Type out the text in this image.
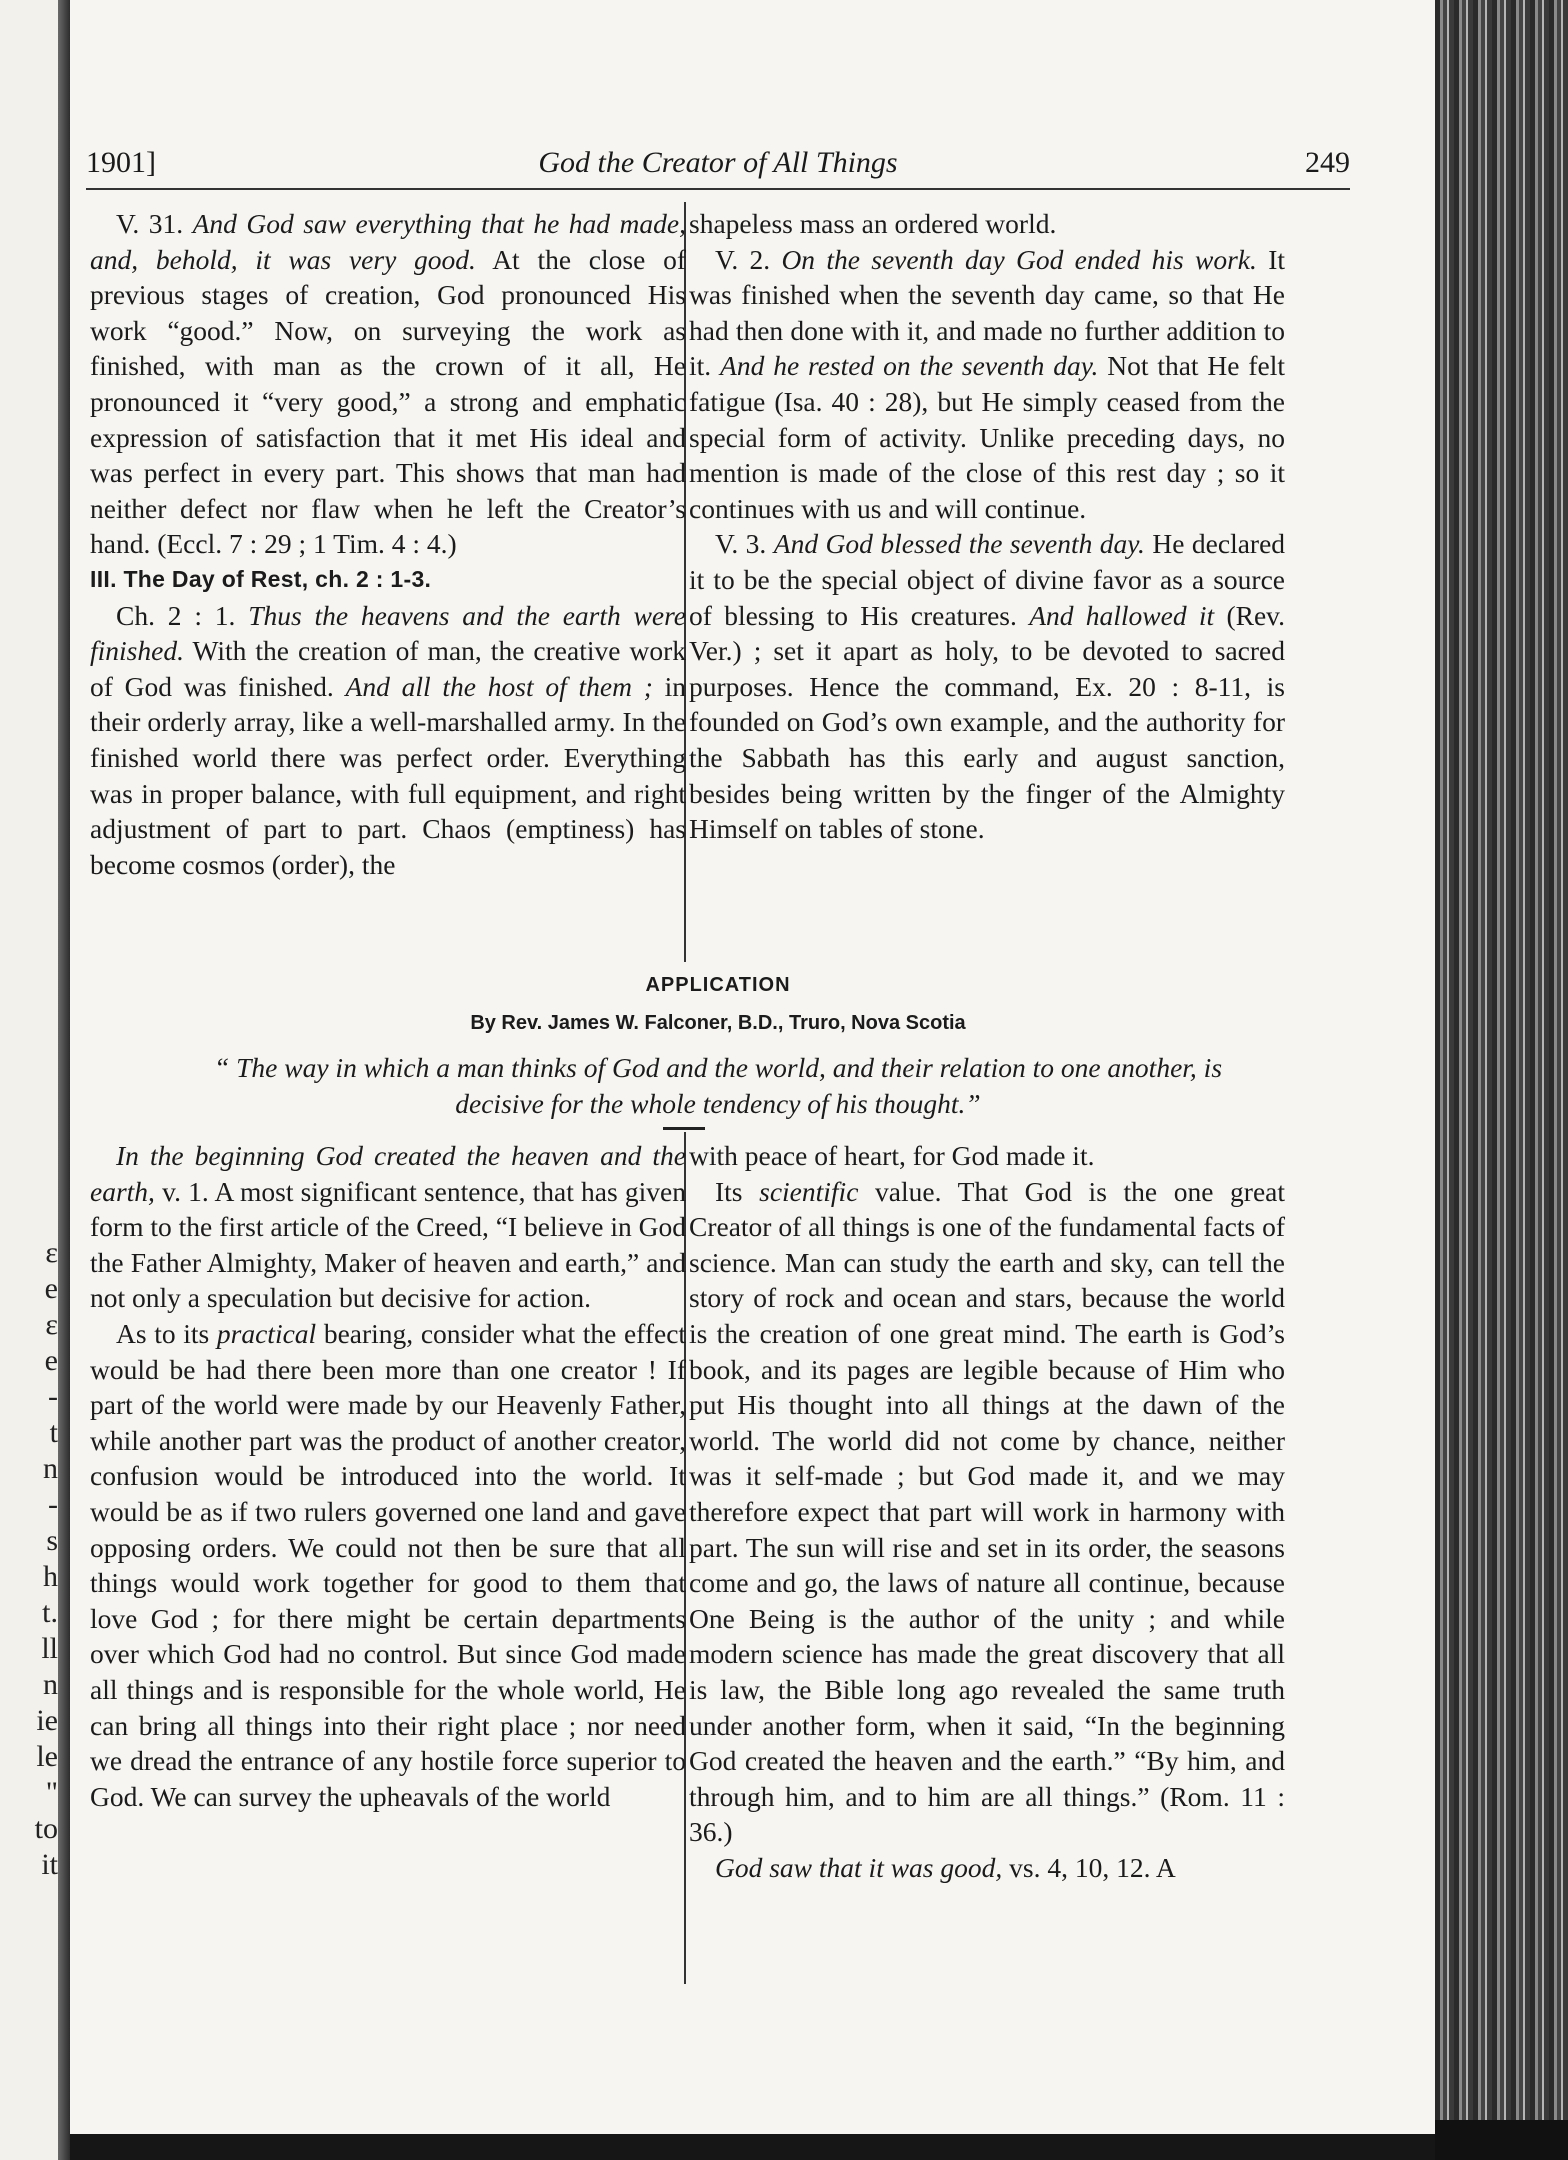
ε
e
ε
e
-
t
n
-
s
h
t.
ll
n
ie
le
"
to
it
1901]	God the Creator of All Things	249

V. 31. And God saw everything that he had made, and, behold, it was very good. At the close of previous stages of creation, God pronounced His work “good.” Now, on surveying the work as finished, with man as the crown of it all, He pronounced it “very good,” a strong and emphatic expression of satisfaction that it met His ideal and was perfect in every part. This shows that man had neither defect nor flaw when he left the Creator’s hand. (Eccl. 7 : 29 ; 1 Tim. 4 : 4.)

III. The Day of Rest, ch. 2 : 1-3.

Ch. 2 : 1. Thus the heavens and the earth were finished. With the creation of man, the creative work of God was finished. And all the host of them ; in their orderly array, like a well-marshalled army. In the finished world there was perfect order. Everything was in proper balance, with full equipment, and right adjustment of part to part. Chaos (emptiness) has become cosmos (order), the

shapeless mass an ordered world.

V. 2. On the seventh day God ended his work. It was finished when the seventh day came, so that He had then done with it, and made no further addition to it. And he rested on the seventh day. Not that He felt fatigue (Isa. 40 : 28), but He simply ceased from the special form of activity. Unlike preceding days, no mention is made of the close of this rest day ; so it continues with us and will continue.

V. 3. And God blessed the seventh day. He declared it to be the special object of divine favor as a source of blessing to His creatures. And hallowed it (Rev. Ver.) ; set it apart as holy, to be devoted to sacred purposes. Hence the command, Ex. 20 : 8-11, is founded on God’s own example, and the authority for the Sabbath has this early and august sanction, besides being written by the finger of the Almighty Himself on tables of stone.

APPLICATION
By Rev. James W. Falconer, B.D., Truro, Nova Scotia
“ The way in which a man thinks of God and the world, and their relation to one another, is
decisive for the whole tendency of his thought.”

In the beginning God created the heaven and the earth, v. 1. A most significant sentence, that has given form to the first article of the Creed, “I believe in God the Father Almighty, Maker of heaven and earth,” and not only a speculation but decisive for action.

As to its practical bearing, consider what the effect would be had there been more than one creator ! If part of the world were made by our Heavenly Father, while another part was the product of another creator, confusion would be introduced into the world. It would be as if two rulers governed one land and gave opposing orders. We could not then be sure that all things would work together for good to them that love God ; for there might be certain departments over which God had no control. But since God made all things and is responsible for the whole world, He can bring all things into their right place ; nor need we dread the entrance of any hostile force superior to God. We can survey the upheavals of the world

with peace of heart, for God made it.

Its scientific value. That God is the one great Creator of all things is one of the fundamental facts of science. Man can study the earth and sky, can tell the story of rock and ocean and stars, because the world is the creation of one great mind. The earth is God’s book, and its pages are legible because of Him who put His thought into all things at the dawn of the world. The world did not come by chance, neither was it self-made ; but God made it, and we may therefore expect that part will work in harmony with part. The sun will rise and set in its order, the seasons come and go, the laws of nature all continue, because One Being is the author of the unity ; and while modern science has made the great discovery that all is law, the Bible long ago revealed the same truth under another form, when it said, “In the beginning God created the heaven and the earth.” “By him, and through him, and to him are all things.” (Rom. 11 : 36.)

God saw that it was good, vs. 4, 10, 12. A
